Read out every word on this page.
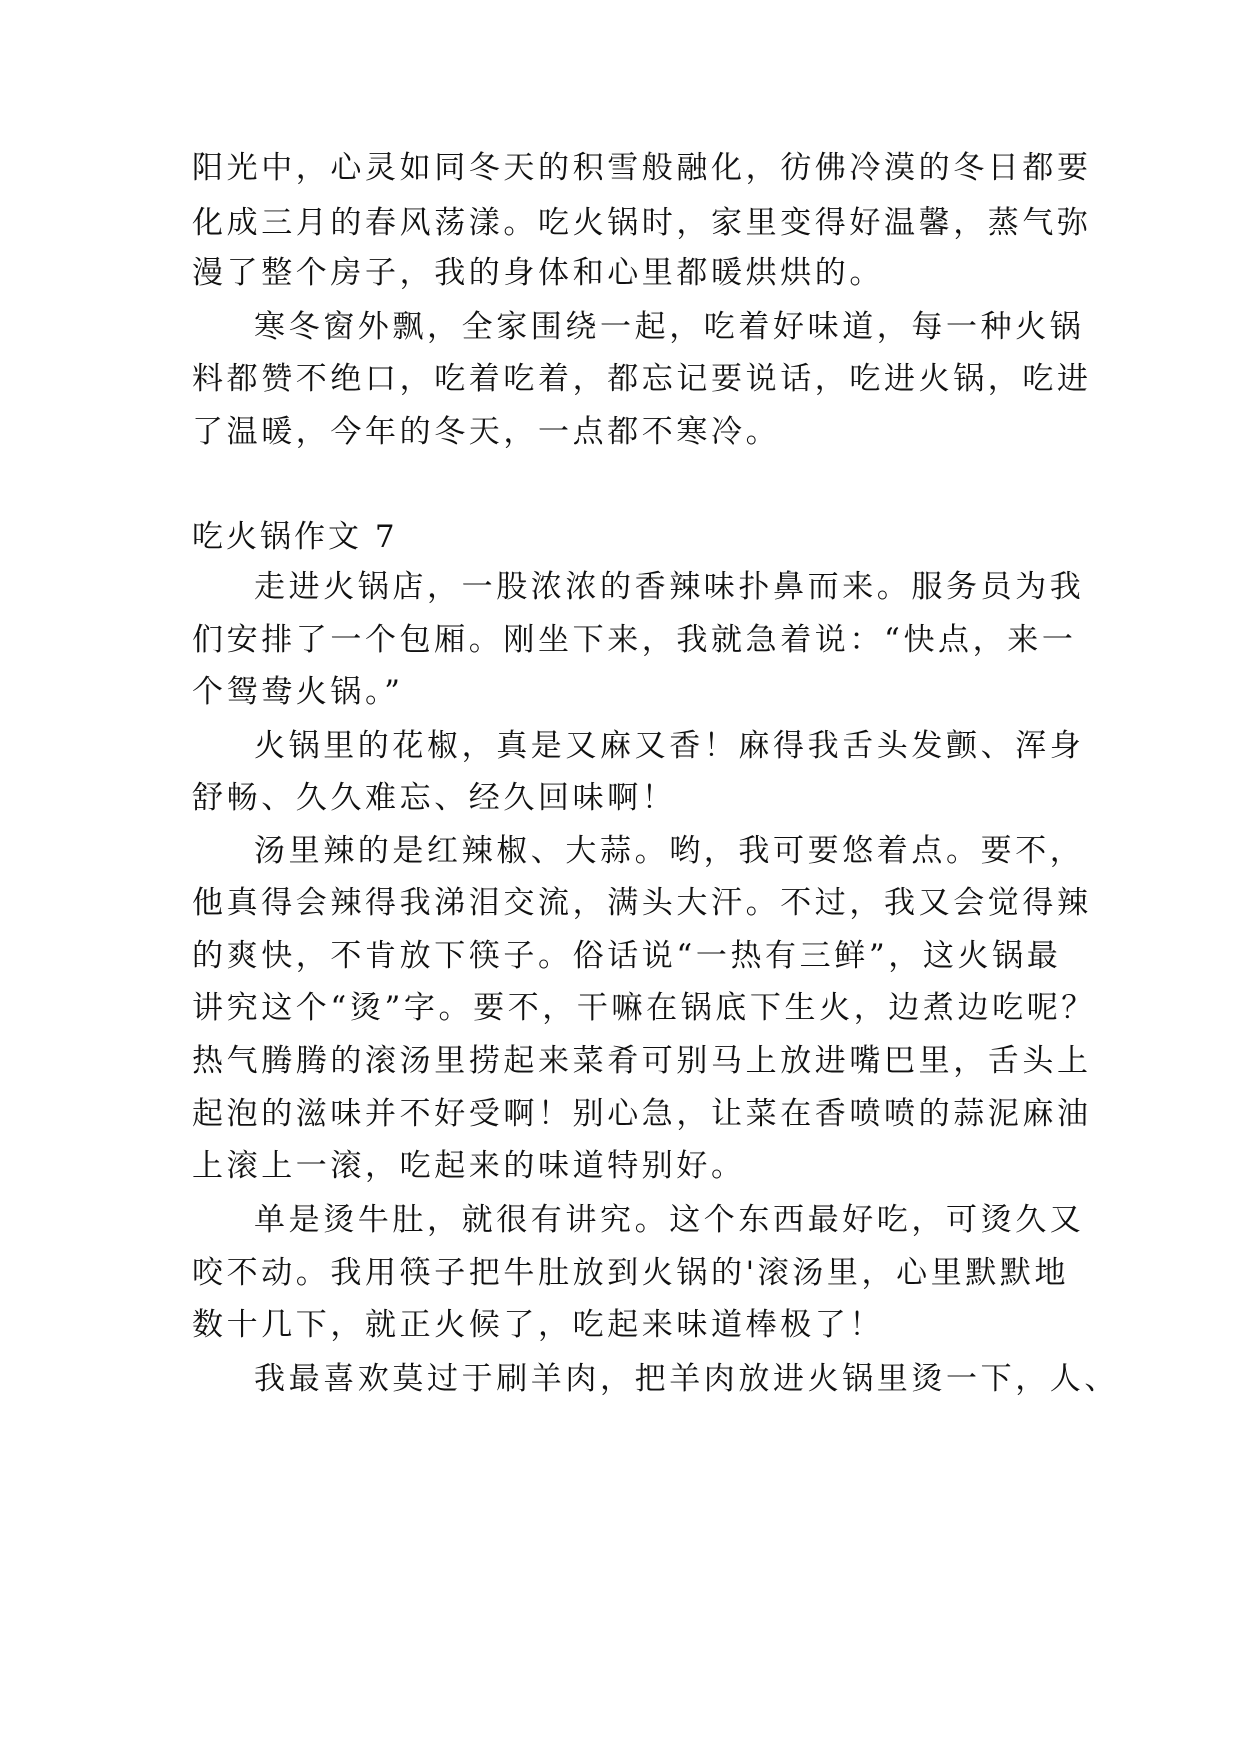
阳光中，心灵如同冬天的积雪般融化，彷佛冷漠的冬日都要

化成三月的春风荡漾。吃火锅时，家里变得好温馨，蒸气弥

漫了整个房子，我的身体和心里都暖烘烘的。

寒冬窗外飘，全家围绕一起，吃着好味道，每一种火锅

料都赞不绝口，吃着吃着，都忘记要说话，吃进火锅，吃进

了温暖，今年的冬天，一点都不寒冷。

吃火锅作文 7

走进火锅店，一股浓浓的香辣味扑鼻而来。服务员为我

们安排了一个包厢。刚坐下来，我就急着说：“快点，来一

个鸳鸯火锅。”

火锅里的花椒，真是又麻又香！麻得我舌头发颤、浑身

舒畅、久久难忘、经久回味啊！

汤里辣的是红辣椒、大蒜。哟，我可要悠着点。要不，

他真得会辣得我涕泪交流，满头大汗。不过，我又会觉得辣

的爽快，不肯放下筷子。俗话说“一热有三鲜”，这火锅最

讲究这个“烫”字。要不，干嘛在锅底下生火，边煮边吃呢？

热气腾腾的滚汤里捞起来菜肴可别马上放进嘴巴里，舌头上

起泡的滋味并不好受啊！别心急，让菜在香喷喷的蒜泥麻油

上滚上一滚，吃起来的味道特别好。

单是烫牛肚，就很有讲究。这个东西最好吃，可烫久又

咬不动。我用筷子把牛肚放到火锅的'滚汤里，心里默默地

数十几下，就正火候了，吃起来味道棒极了！

我最喜欢莫过于刷羊肉，把羊肉放进火锅里烫一下，人、
